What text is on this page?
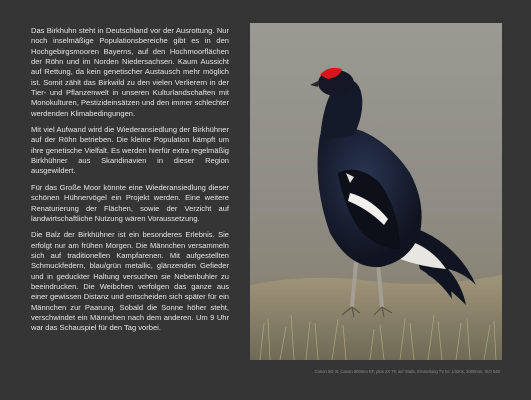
Das Birkhuhn steht in Deutschland vor der Ausrottung. Nur noch inselmäßige Populationsbereiche gibt es in den Hochgebirgsmooren Bayerns, auf den Hochmoorflächen der Röhn und im Norden Niedersachsen. Kaum Aussicht auf Rettung, da kein genetischer Austausch mehr möglich ist. Somit zählt das Birkwild zu den vielen Verlierern in der Tier- und Pflanzenwelt in unseren Kulturlandschaften mit Monokulturen, Pestizideinsätzen und den immer schlechter werdenden Klimabedingungen.

Mit viel Aufwand wird die Wiederansiedlung der Birkhühner auf der Röhn betrieben. Die kleine Population kämpft um ihre genetische Vielfalt. Es werden hierfür extra regelmäßig Birkhühner aus Skandinavien in dieser Region ausgewildert.

Für das Große Moor könnte eine Wiederansiedlung dieser schönen Hühnervögel ein Projekt werden. Eine weitere Renaturierung der Flächen, sowie der Verzicht auf landwirtschaftliche Nutzung wären Voraussetzung.

Die Balz der Birkhühner ist ein besonderes Erlebnis. Sie erfolgt nur am frühen Morgen. Die Männchen versammeln sich auf traditionellen Kampfarenen. Mit aufgestellten Schmuckfedern, blau/grün metallic, glänzenden Gefieder und in geduckter Haltung versuchen sie Nebenbuhler zu beeindrucken. Die Weibchen verfolgen das ganze aus einer gewissen Distanz und entscheiden sich später für ein Männchen zur Paarung. Sobald die Sonne höher steht, verschwindet ein Männchen nach dem anderen. Um 9 Uhr war das Schauspiel für den Tag vorbei.

Canon 5D III, Canon 500mm EF, plus 2X TK auf Stativ, Einstellung TV M: 1/320s, 1000mm, ISO 640
